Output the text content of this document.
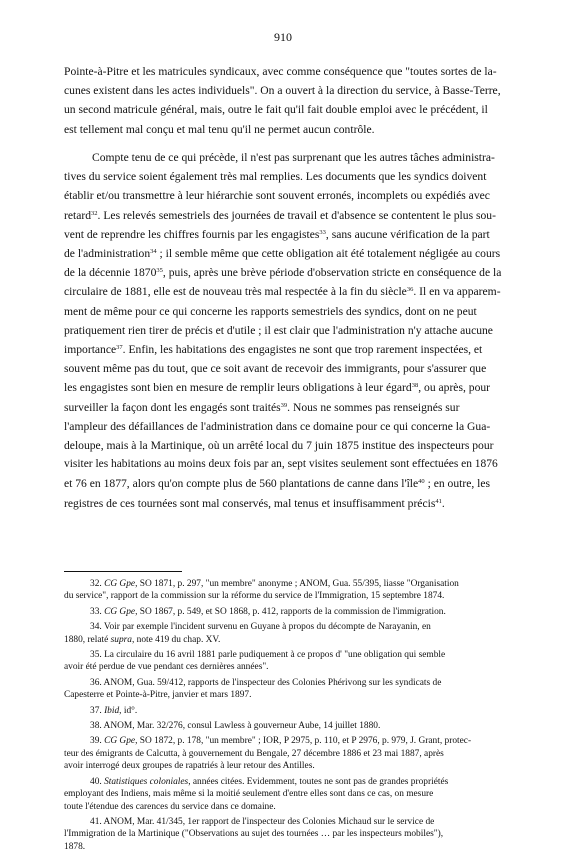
910
Pointe-à-Pitre et les matricules syndicaux, avec comme conséquence que "toutes sortes de la-
cunes existent dans les actes individuels". On a ouvert à la direction du service, à Basse-Terre,
un second matricule général, mais, outre le fait qu'il fait double emploi avec le précédent, il
est tellement mal conçu et mal tenu qu'il ne permet aucun contrôle.
Compte tenu de ce qui précède, il n'est pas surprenant que les autres tâches administra-
tives du service soient également très mal remplies. Les documents que les syndics doivent
établir et/ou transmettre à leur hiérarchie sont souvent erronés, incomplets ou expédiés avec
retard$^{32}$. Les relevés semestriels des journées de travail et d'absence se contentent le plus sou-
vent de reprendre les chiffres fournis par les engagistes$^{33}$, sans aucune vérification de la part
de l'administration$^{34}$ ; il semble même que cette obligation ait été totalement négligée au cours
de la décennie 1870$^{35}$, puis, après une brève période d'observation stricte en conséquence de la
circulaire de 1881, elle est de nouveau très mal respectée à la fin du siècle$^{36}$. Il en va apparem-
ment de même pour ce qui concerne les rapports semestriels des syndics, dont on ne peut
pratiquement rien tirer de précis et d'utile ; il est clair que l'administration n'y attache aucune
importance$^{37}$. Enfin, les habitations des engagistes ne sont que trop rarement inspectées, et
souvent même pas du tout, que ce soit avant de recevoir des immigrants, pour s'assurer que
les engagistes sont bien en mesure de remplir leurs obligations à leur égard$^{38}$, ou après, pour
surveiller la façon dont les engagés sont traités$^{39}$. Nous ne sommes pas renseignés sur
l'ampleur des défaillances de l'administration dans ce domaine pour ce qui concerne la Gua-
deloupe, mais à la Martinique, où un arrêté local du 7 juin 1875 institue des inspecteurs pour
visiter les habitations au moins deux fois par an, sept visites seulement sont effectuées en 1876
et 76 en 1877, alors qu'on compte plus de 560 plantations de canne dans l'île$^{40}$ ; en outre, les
registres de ces tournées sont mal conservés, mal tenus et insuffisamment précis$^{41}$.
32. CG Gpe, SO 1871, p. 297, "un membre" anonyme ; ANOM, Gua. 55/395, liasse "Organisation
du service", rapport de la commission sur la réforme du service de l'Immigration, 15 septembre 1874.
33. CG Gpe, SO 1867, p. 549, et SO 1868, p. 412, rapports de la commission de l'immigration.
34. Voir par exemple l'incident survenu en Guyane à propos du décompte de Narayanin, en
1880, relaté supra, note 419 du chap. XV.
35. La circulaire du 16 avril 1881 parle pudiquement à ce propos d' "une obligation qui semble
avoir été perdue de vue pendant ces dernières années".
36. ANOM, Gua. 59/412, rapports de l'inspecteur des Colonies Phérivong sur les syndicats de
Capesterre et Pointe-à-Pitre, janvier et mars 1897.
37. Ibid, id°.
38. ANOM, Mar. 32/276, consul Lawless à gouverneur Aube, 14 juillet 1880.
39. CG Gpe, SO 1872, p. 178, "un membre" ; IOR, P 2975, p. 110, et P 2976, p. 979, J. Grant, protec-
teur des émigrants de Calcutta, à gouvernement du Bengale, 27 décembre 1886 et 23 mai 1887, après
avoir interrogé deux groupes de rapatriés à leur retour des Antilles.
40. Statistiques coloniales, années citées. Evidemment, toutes ne sont pas de grandes propriétés
employant des Indiens, mais même si la moitié seulement d'entre elles sont dans ce cas, on mesure
toute l'étendue des carences du service dans ce domaine.
41. ANOM, Mar. 41/345, 1er rapport de l'inspecteur des Colonies Michaud sur le service de
l'Immigration de la Martinique ("Observations au sujet des tournées … par les inspecteurs mobiles"),
1878.
